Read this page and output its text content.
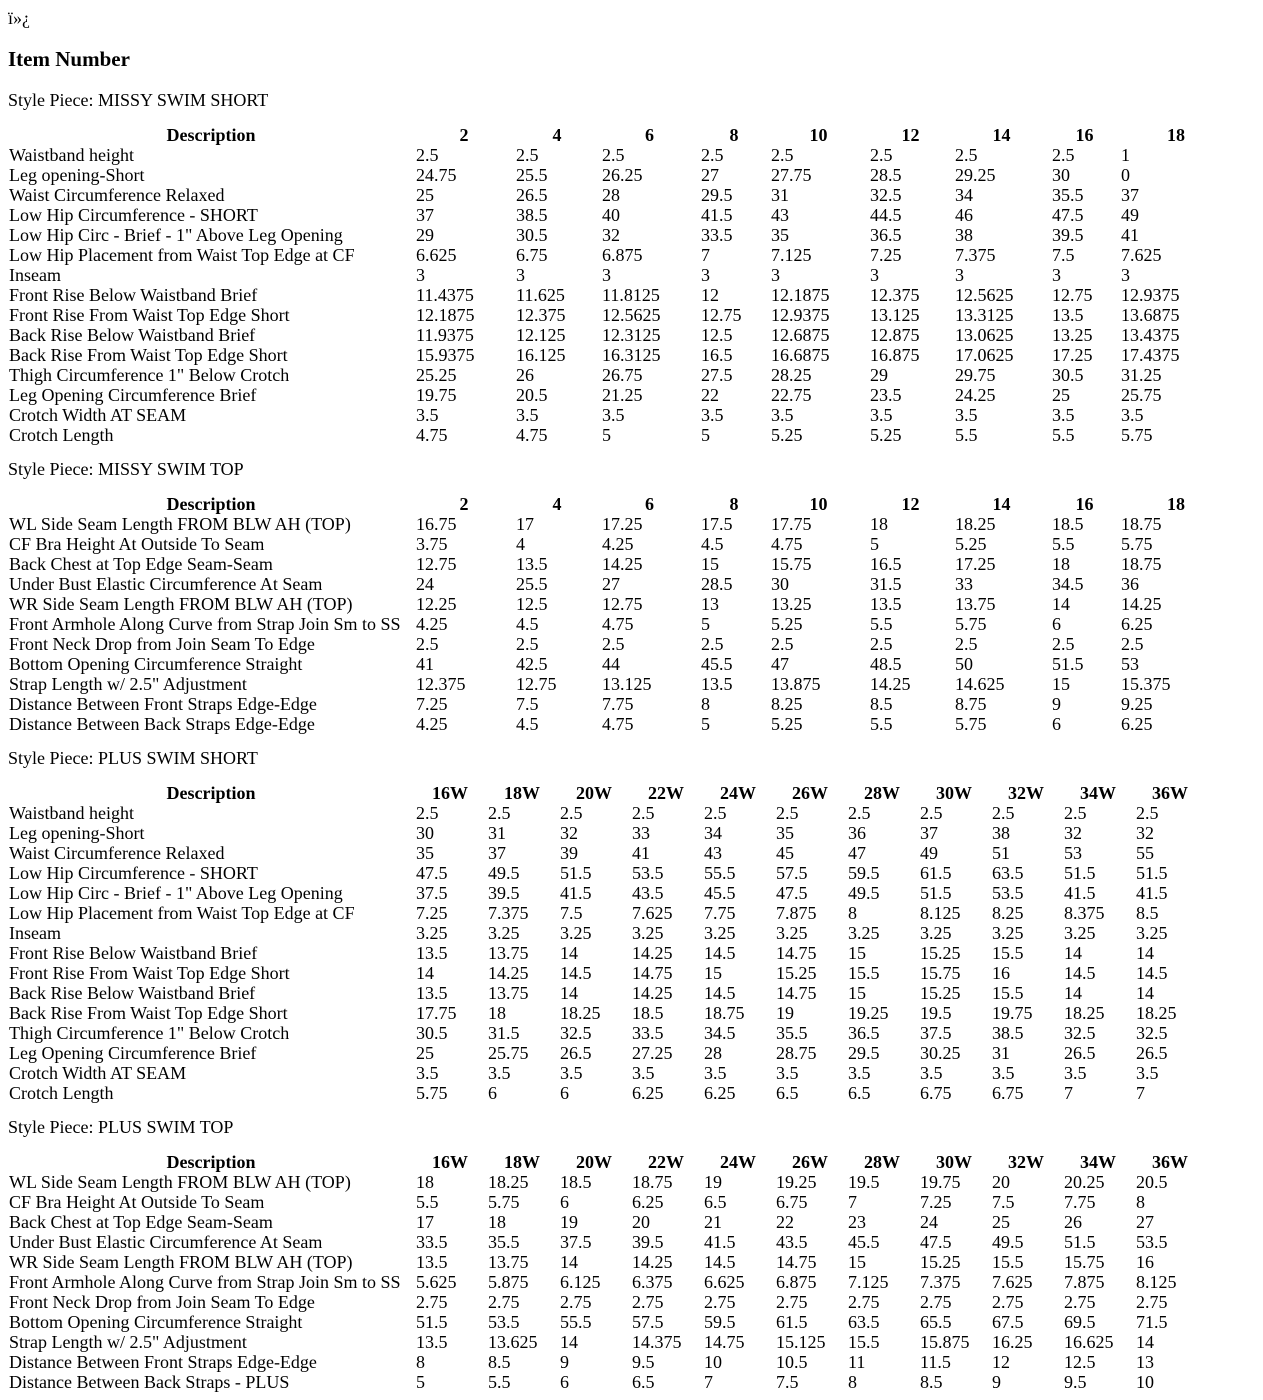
ï»¿

Item Number

Style Piece: MISSY SWIM SHORT

Description	2	4	6	8	10	12	14	16	18
Waistband height	2.5	2.5	2.5	2.5	2.5	2.5	2.5	2.5	1
Leg opening-Short	24.75	25.5	26.25	27	27.75	28.5	29.25	30	0
Waist Circumference Relaxed	25	26.5	28	29.5	31	32.5	34	35.5	37
Low Hip Circumference - SHORT	37	38.5	40	41.5	43	44.5	46	47.5	49
Low Hip Circ - Brief - 1" Above Leg Opening	29	30.5	32	33.5	35	36.5	38	39.5	41
Low Hip Placement from Waist Top Edge at CF	6.625	6.75	6.875	7	7.125	7.25	7.375	7.5	7.625
Inseam	3	3	3	3	3	3	3	3	3
Front Rise Below Waistband Brief	11.4375	11.625	11.8125	12	12.1875	12.375	12.5625	12.75	12.9375
Front Rise From Waist Top Edge Short	12.1875	12.375	12.5625	12.75	12.9375	13.125	13.3125	13.5	13.6875
Back Rise Below Waistband Brief	11.9375	12.125	12.3125	12.5	12.6875	12.875	13.0625	13.25	13.4375
Back Rise From Waist Top Edge Short	15.9375	16.125	16.3125	16.5	16.6875	16.875	17.0625	17.25	17.4375
Thigh Circumference 1" Below Crotch	25.25	26	26.75	27.5	28.25	29	29.75	30.5	31.25
Leg Opening Circumference Brief	19.75	20.5	21.25	22	22.75	23.5	24.25	25	25.75
Crotch Width AT SEAM	3.5	3.5	3.5	3.5	3.5	3.5	3.5	3.5	3.5
Crotch Length	4.75	4.75	5	5	5.25	5.25	5.5	5.5	5.75

Style Piece: MISSY SWIM TOP

Description	2	4	6	8	10	12	14	16	18
WL Side Seam Length FROM BLW AH (TOP)	16.75	17	17.25	17.5	17.75	18	18.25	18.5	18.75
CF Bra Height At Outside To Seam	3.75	4	4.25	4.5	4.75	5	5.25	5.5	5.75
Back Chest at Top Edge Seam-Seam	12.75	13.5	14.25	15	15.75	16.5	17.25	18	18.75
Under Bust Elastic Circumference At Seam	24	25.5	27	28.5	30	31.5	33	34.5	36
WR Side Seam Length FROM BLW AH (TOP)	12.25	12.5	12.75	13	13.25	13.5	13.75	14	14.25
Front Armhole Along Curve from Strap Join Sm to SS	4.25	4.5	4.75	5	5.25	5.5	5.75	6	6.25
Front Neck Drop from Join Seam To Edge	2.5	2.5	2.5	2.5	2.5	2.5	2.5	2.5	2.5
Bottom Opening Circumference Straight	41	42.5	44	45.5	47	48.5	50	51.5	53
Strap Length w/ 2.5" Adjustment	12.375	12.75	13.125	13.5	13.875	14.25	14.625	15	15.375
Distance Between Front Straps Edge-Edge	7.25	7.5	7.75	8	8.25	8.5	8.75	9	9.25
Distance Between Back Straps Edge-Edge	4.25	4.5	4.75	5	5.25	5.5	5.75	6	6.25

Style Piece: PLUS SWIM SHORT

Description	16W	18W	20W	22W	24W	26W	28W	30W	32W	34W	36W
Waistband height	2.5	2.5	2.5	2.5	2.5	2.5	2.5	2.5	2.5	2.5	2.5
Leg opening-Short	30	31	32	33	34	35	36	37	38	32	32
Waist Circumference Relaxed	35	37	39	41	43	45	47	49	51	53	55
Low Hip Circumference - SHORT	47.5	49.5	51.5	53.5	55.5	57.5	59.5	61.5	63.5	51.5	51.5
Low Hip Circ - Brief - 1" Above Leg Opening	37.5	39.5	41.5	43.5	45.5	47.5	49.5	51.5	53.5	41.5	41.5
Low Hip Placement from Waist Top Edge at CF	7.25	7.375	7.5	7.625	7.75	7.875	8	8.125	8.25	8.375	8.5
Inseam	3.25	3.25	3.25	3.25	3.25	3.25	3.25	3.25	3.25	3.25	3.25
Front Rise Below Waistband Brief	13.5	13.75	14	14.25	14.5	14.75	15	15.25	15.5	14	14
Front Rise From Waist Top Edge Short	14	14.25	14.5	14.75	15	15.25	15.5	15.75	16	14.5	14.5
Back Rise Below Waistband Brief	13.5	13.75	14	14.25	14.5	14.75	15	15.25	15.5	14	14
Back Rise From Waist Top Edge Short	17.75	18	18.25	18.5	18.75	19	19.25	19.5	19.75	18.25	18.25
Thigh Circumference 1" Below Crotch	30.5	31.5	32.5	33.5	34.5	35.5	36.5	37.5	38.5	32.5	32.5
Leg Opening Circumference Brief	25	25.75	26.5	27.25	28	28.75	29.5	30.25	31	26.5	26.5
Crotch Width AT SEAM	3.5	3.5	3.5	3.5	3.5	3.5	3.5	3.5	3.5	3.5	3.5
Crotch Length	5.75	6	6	6.25	6.25	6.5	6.5	6.75	6.75	7	7

Style Piece: PLUS SWIM TOP

Description	16W	18W	20W	22W	24W	26W	28W	30W	32W	34W	36W
WL Side Seam Length FROM BLW AH (TOP)	18	18.25	18.5	18.75	19	19.25	19.5	19.75	20	20.25	20.5
CF Bra Height At Outside To Seam	5.5	5.75	6	6.25	6.5	6.75	7	7.25	7.5	7.75	8
Back Chest at Top Edge Seam-Seam	17	18	19	20	21	22	23	24	25	26	27
Under Bust Elastic Circumference At Seam	33.5	35.5	37.5	39.5	41.5	43.5	45.5	47.5	49.5	51.5	53.5
WR Side Seam Length FROM BLW AH (TOP)	13.5	13.75	14	14.25	14.5	14.75	15	15.25	15.5	15.75	16
Front Armhole Along Curve from Strap Join Sm to SS	5.625	5.875	6.125	6.375	6.625	6.875	7.125	7.375	7.625	7.875	8.125
Front Neck Drop from Join Seam To Edge	2.75	2.75	2.75	2.75	2.75	2.75	2.75	2.75	2.75	2.75	2.75
Bottom Opening Circumference Straight	51.5	53.5	55.5	57.5	59.5	61.5	63.5	65.5	67.5	69.5	71.5
Strap Length w/ 2.5" Adjustment	13.5	13.625	14	14.375	14.75	15.125	15.5	15.875	16.25	16.625	14
Distance Between Front Straps Edge-Edge	8	8.5	9	9.5	10	10.5	11	11.5	12	12.5	13
Distance Between Back Straps - PLUS	5	5.5	6	6.5	7	7.5	8	8.5	9	9.5	10
